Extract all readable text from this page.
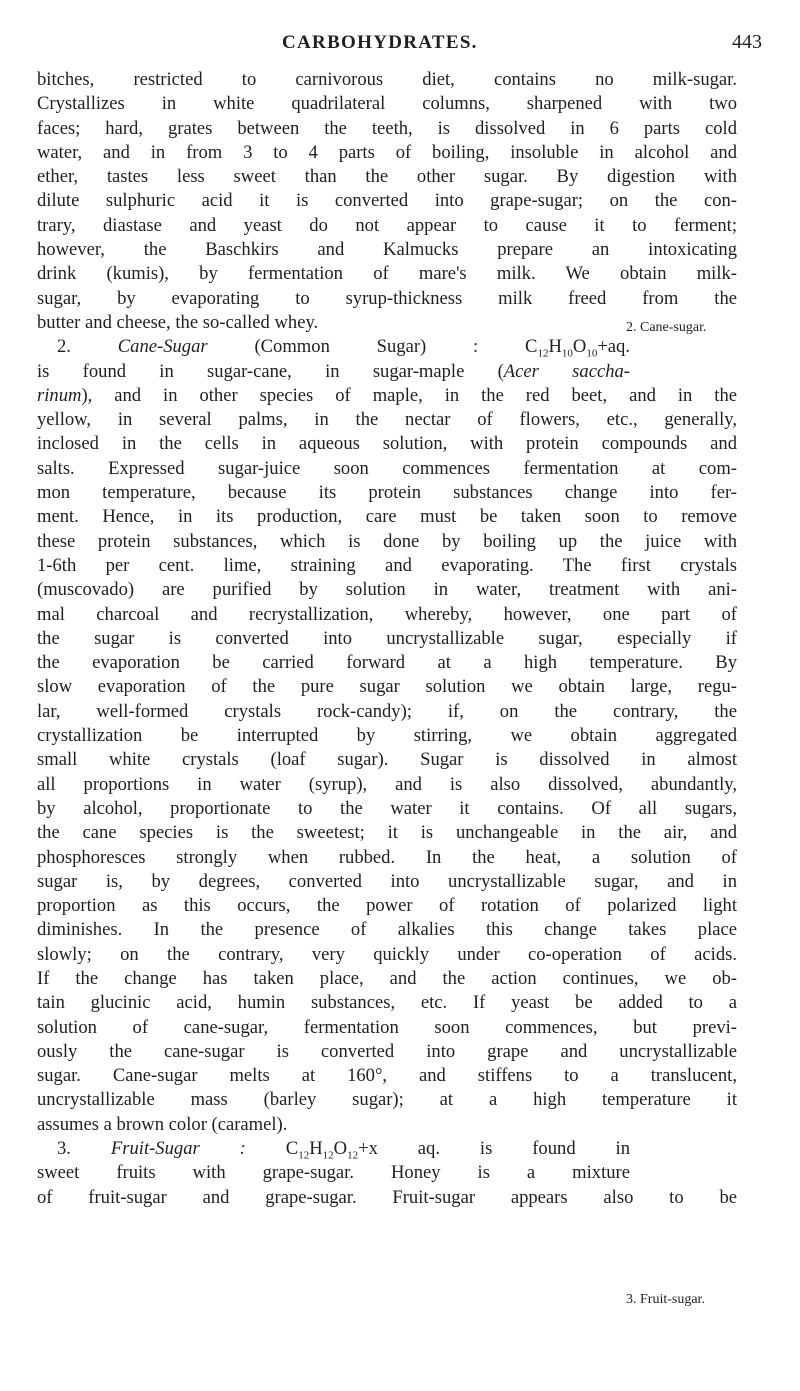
CARBOHYDRATES.	443
bitches, restricted to carnivorous diet, contains no milk-sugar.
Crystallizes in white quadrilateral columns, sharpened with two
faces; hard, grates between the teeth, is dissolved in 6 parts cold
water, and in from 3 to 4 parts of boiling, insoluble in alcohol and
ether, tastes less sweet than the other sugar. By digestion with
dilute sulphuric acid it is converted into grape-sugar; on the con-
trary, diastase and yeast do not appear to cause it to ferment;
however, the Baschkirs and Kalmucks prepare an intoxicating
drink (kumis), by fermentation of mare's milk. We obtain milk-
sugar, by evaporating to syrup-thickness milk freed from the
butter and cheese, the so-called whey.
2.	Cane-Sugar	(Common Sugar) :	$C_{12}H_{10}O_{10}+aq$.
is found in sugar-cane, in sugar-maple (Acer saccha-
rinum), and in other species of maple, in the red beet, and in the
yellow, in several palms, in the nectar of flowers, etc., generally,
inclosed in the cells in aqueous solution, with protein compounds and
salts. Expressed sugar-juice soon commences fermentation at com-
mon temperature, because its protein substances change into fer-
ment. Hence, in its production, care must be taken soon to remove
these protein substances, which is done by boiling up the juice with
1-6th per cent. lime, straining and evaporating. The first crystals
(muscovado) are purified by solution in water, treatment with ani-
mal charcoal and recrystallization, whereby, however, one part of
the sugar is converted into uncrystallizable sugar, especially if
the evaporation be carried forward at a high temperature. By
slow evaporation of the pure sugar solution we obtain large, regu-
lar, well-formed crystals rock-candy); if, on the contrary, the
crystallization be interrupted by stirring, we obtain aggregated
small white crystals (loaf sugar). Sugar is dissolved in almost
all proportions in water (syrup), and is also dissolved, abundantly,
by alcohol, proportionate to the water it contains. Of all sugars,
the cane species is the sweetest; it is unchangeable in the air, and
phosphoresces strongly when rubbed. In the heat, a solution of
sugar is, by degrees, converted into uncrystallizable sugar, and in
proportion as this occurs, the power of rotation of polarized light
diminishes. In the presence of alkalies this change takes place
slowly; on the contrary, very quickly under co-operation of acids.
If the change has taken place, and the action continues, we ob-
tain glucinic acid, humin substances, etc. If yeast be added to a
solution of cane-sugar, fermentation soon commences, but previ-
ously the cane-sugar is converted into grape and uncrystallizable
sugar. Cane-sugar melts at 160°, and stiffens to a translucent,
uncrystallizable mass (barley sugar); at a high temperature it
assumes a brown color (caramel).
3. Fruit-Sugar : $C_{12}H_{12}O_{12}+x$ aq. is found in
sweet fruits with grape-sugar. Honey is a mixture
of fruit-sugar and grape-sugar. Fruit-sugar appears also to be
2. Cane-sugar.
3. Fruit-sugar.
